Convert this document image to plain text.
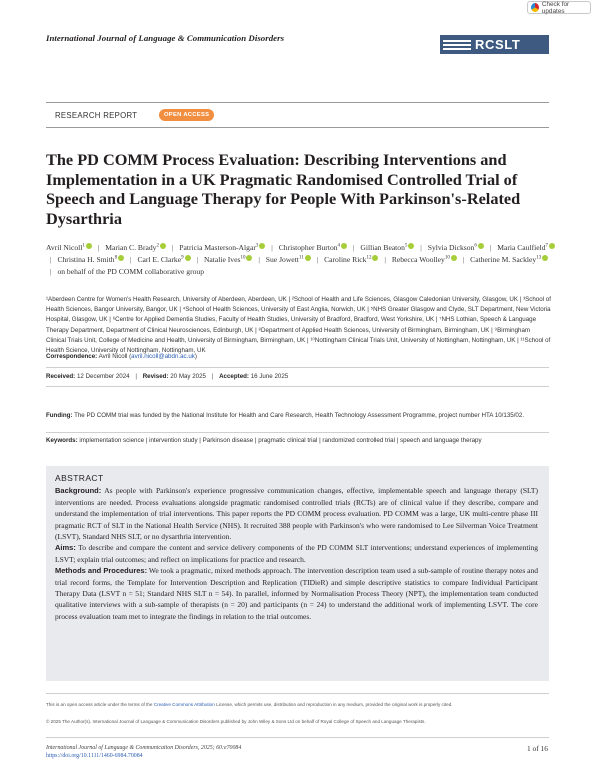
Check for updates
International Journal of Language & Communication Disorders	RCSLT
RESEARCH REPORT	OPEN ACCESS
The PD COMM Process Evaluation: Describing Interventions and Implementation in a UK Pragmatic Randomised Controlled Trial of Speech and Language Therapy for People With Parkinson's-Related Dysarthria
Avril Nicoll$^1$ | Marian C. Brady$^2$ | Patricia Masterson-Algar$^3$ | Christopher Burton$^4$ | Gillian Beaton$^5$ | Sylvia Dickson$^6$ | Maria Caulfield$^7$ | Christina H. Smith$^8$ | Carl E. Clarke$^9$ | Natalie Ives$^{10}$ | Sue Jowett$^{11}$ | Caroline Rick$^{12}$ | Rebecca Woolley$^{10}$ | Catherine M. Sackley$^{13}$ | on behalf of the PD COMM collaborative group
¹Aberdeen Centre for Women's Health Research, University of Aberdeen, Aberdeen, UK | ²School of Health and Life Sciences, Glasgow Caledonian University, Glasgow, UK | ³School of Health Sciences, Bangor University, Bangor, UK | ⁴School of Health Sciences, University of East Anglia, Norwich, UK | ⁵NHS Greater Glasgow and Clyde, SLT Department, New Victoria Hospital, Glasgow, UK | ⁶Centre for Applied Dementia Studies, Faculty of Health Studies, University of Bradford, Bradford, West Yorkshire, UK | ⁷NHS Lothian, Speech & Language Therapy Department, Department of Clinical Neurosciences, Edinburgh, UK | ⁸Department of Applied Health Sciences, University of Birmingham, Birmingham, UK | ⁹Birmingham Clinical Trials Unit, College of Medicine and Health, University of Birmingham, Birmingham, UK | ¹⁰Nottingham Clinical Trials Unit, University of Nottingham, Nottingham, UK | ¹¹School of Health Science, University of Nottingham, Nottingham, UK
Correspondence: Avril Nicoll (avril.nicoll@abdn.ac.uk)
Received: 12 December 2024 | Revised: 20 May 2025 | Accepted: 16 June 2025
Funding: The PD COMM trial was funded by the National Institute for Health and Care Research, Health Technology Assessment Programme, project number HTA 10/135/02.
Keywords: implementation science | intervention study | Parkinson disease | pragmatic clinical trial | randomized controlled trial | speech and language therapy
ABSTRACT

Background: As people with Parkinson's experience progressive communication changes, effective, implementable speech and language therapy (SLT) interventions are needed. Process evaluations alongside pragmatic randomised controlled trials (RCTs) are of clinical value if they describe, compare and understand the implementation of trial interventions. This paper reports the PD COMM process evaluation. PD COMM was a large, UK multi-centre phase III pragmatic RCT of SLT in the National Health Service (NHS). It recruited 388 people with Parkinson's who were randomised to Lee Silverman Voice Treatment (LSVT), Standard NHS SLT, or no dysarthria intervention.

Aims: To describe and compare the content and service delivery components of the PD COMM SLT interventions; understand experiences of implementing LSVT; explain trial outcomes; and reflect on implications for practice and research.

Methods and Procedures: We took a pragmatic, mixed methods approach. The intervention description team used a sub-sample of routine therapy notes and trial record forms, the Template for Intervention Description and Replication (TIDieR) and simple descriptive statistics to compare Individual Participant Therapy Data (LSVT n = 51; Standard NHS SLT n = 54). In parallel, informed by Normalisation Process Theory (NPT), the implementation team conducted qualitative interviews with a sub-sample of therapists (n = 20) and participants (n = 24) to understand the additional work of implementing LSVT. The core process evaluation team met to integrate the findings in relation to the trial outcomes.

This is an open access article under the terms of the Creative Commons Attribution License, which permits use, distribution and reproduction in any medium, provided the original work is properly cited.
© 2025 The Author(s). International Journal of Language & Communication Disorders published by John Wiley & Sons Ltd on behalf of Royal College of Speech and Language Therapists.
International Journal of Language & Communication Disorders, 2025; 60:e70084
https://doi.org/10.1111/1460-6984.70084
1 of 16
